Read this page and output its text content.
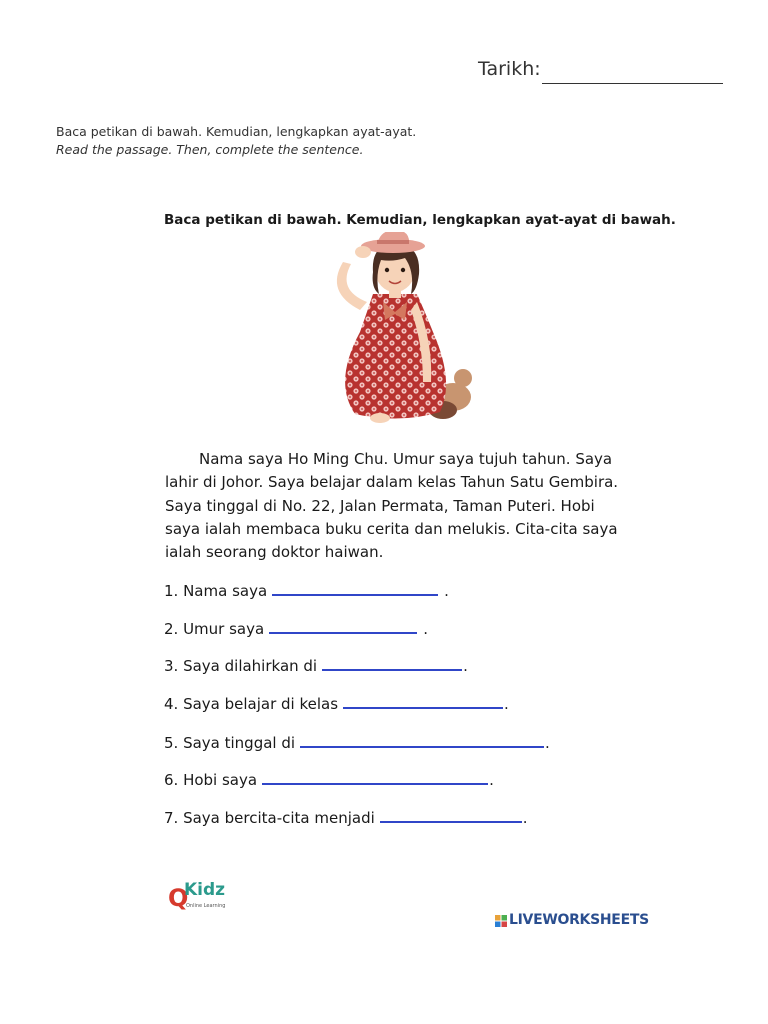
Tarikh:
Baca petikan di bawah. Kemudian, lengkapkan ayat-ayat.
Read the passage. Then, complete the sentence.
Baca petikan di bawah. Kemudian, lengkapkan ayat-ayat di bawah.
Nama saya Ho Ming Chu. Umur saya tujuh tahun. Saya
lahir di Johor. Saya belajar dalam kelas Tahun Satu Gembira.
Saya tinggal di No. 22, Jalan Permata, Taman Puteri. Hobi
saya ialah membaca buku cerita dan melukis. Cita-cita saya
ialah seorang doktor haiwan.
1. Nama saya	.
2. Umur saya	.
3. Saya dilahirkan di	.
4. Saya belajar di kelas	.
5. Saya tinggal di	.
6. Hobi saya	.
7. Saya bercita-cita menjadi	.
Q
Kidz
Online Learning
LIVEWORKSHEETS
